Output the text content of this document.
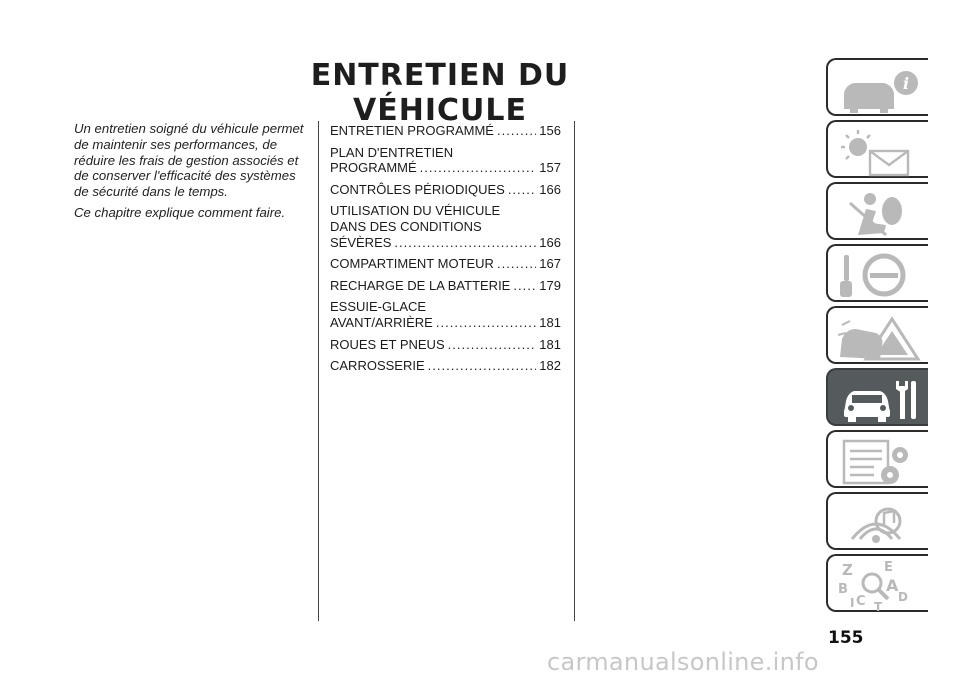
ENTRETIEN DU VÉHICULE

Un entretien soigné du véhicule permet de maintenir ses performances, de réduire les frais de gestion associés et de conserver l'efficacité des systèmes de sécurité dans le temps.

Ce chapitre explique comment faire.

ENTRETIEN PROGRAMMÉ . . .	156
PLAN D'ENTRETIEN
PROGRAMMÉ . . .	157
CONTRÔLES PÉRIODIQUES . . .	166
UTILISATION DU VÉHICULE
DANS DES CONDITIONS
SÉVÈRES . . .	166
COMPARTIMENT MOTEUR . . .	167
RECHARGE DE LA BATTERIE . . . 179
ESSUIE-GLACE
AVANT/ARRIÈRE . . .	181
ROUES ET PNEUS . . .	181
CARROSSERIE . . .	182
i
Z E
B A
C	D
T
I
155
carmanualsonline.info
